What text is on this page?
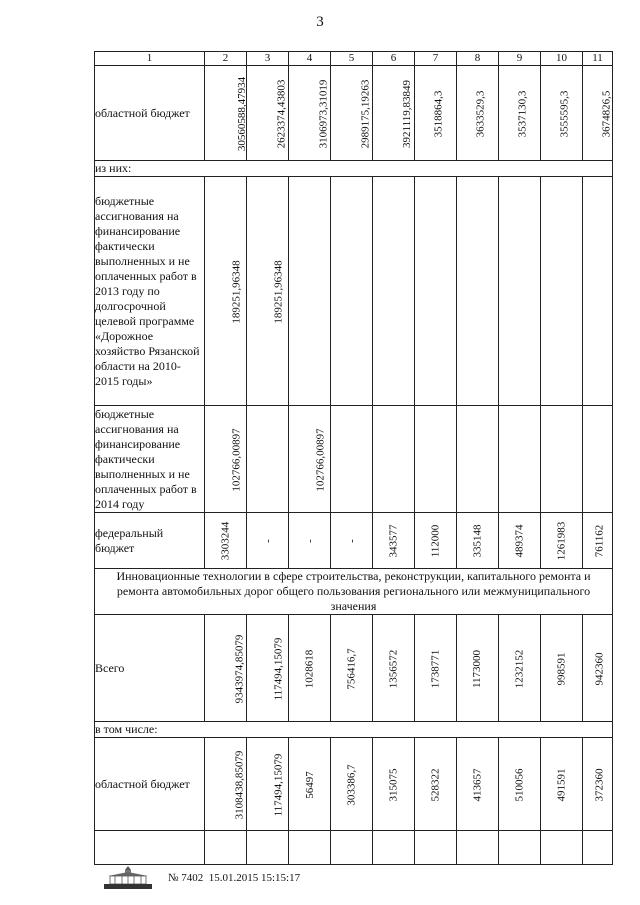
3
1	2	3	4	5	6	7	8	9	10	11
областной бюджет	30560588,47934	2623374,43803	3106973,31019	2989175,19263	3921119,83849	3518864,3	3633529,3	3537130,3	3555595,3	3674826,5
из них:										
бюджетные ассигнования на финансирование фактически выполненных и не оплаченных работ в 2013 году по долгосрочной целевой программе «Дорожное хозяйство Рязанской области на 2010-2015 годы»	189251,96348	189251,96348								
бюджетные ассигнования на финансирование фактически выполненных и не оплаченных работ в 2014 году	102766,00897		102766,00897							
федеральный бюджет	3303244	-	-	-	343577	112000	335148	489374	1261983	761162
Инновационные технологии в сфере строительства, реконструкции, капитального ремонта и ремонта автомобильных дорог общего пользования регионального или межмуниципального значения										
Всего	9343974,85079	117494,15079	1028618	756416,7	1356572	1738771	1173000	1232152	998591	942360
в том числе:										
областной бюджет	3108438,85079	117494,15079	56497	303386,7	315075	528322	413657	510056	491591	372360

№ 7402 15.01.2015 15:15:17
